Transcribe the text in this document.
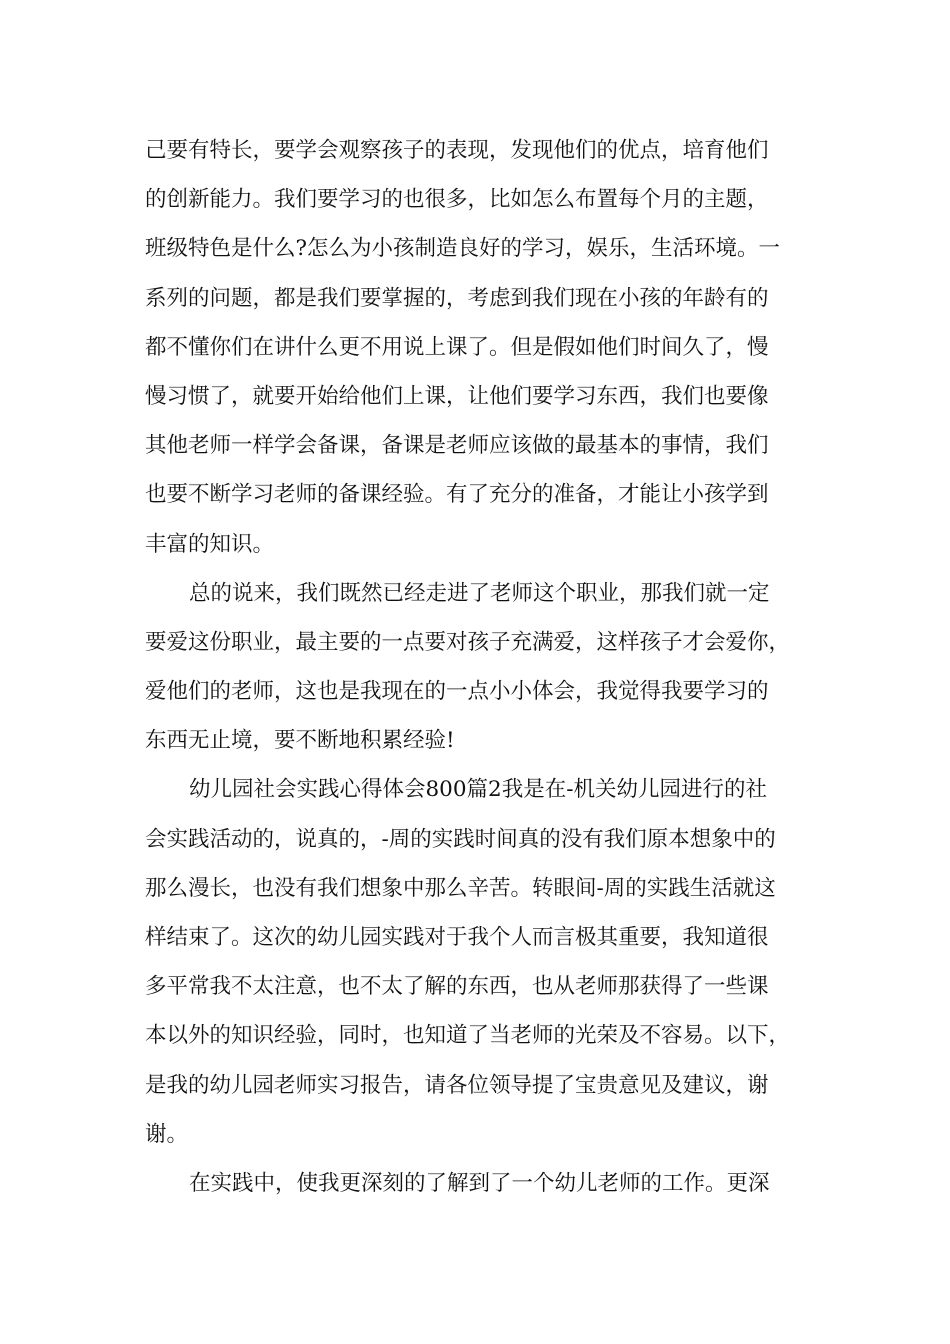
己要有特长，要学会观察孩子的表现，发现他们的优点，培育他们
的创新能力。我们要学习的也很多，比如怎么布置每个月的主题，
班级特色是什么?怎么为小孩制造良好的学习，娱乐，生活环境。一
系列的问题，都是我们要掌握的，考虑到我们现在小孩的年龄有的
都不懂你们在讲什么更不用说上课了。但是假如他们时间久了，慢
慢习惯了，就要开始给他们上课，让他们要学习东西，我们也要像
其他老师一样学会备课，备课是老师应该做的最基本的事情，我们
也要不断学习老师的备课经验。有了充分的准备，才能让小孩学到
丰富的知识。
总的说来，我们既然已经走进了老师这个职业，那我们就一定
要爱这份职业，最主要的一点要对孩子充满爱，这样孩子才会爱你，
爱他们的老师，这也是我现在的一点小小体会，我觉得我要学习的
东西无止境，要不断地积累经验!
幼儿园社会实践心得体会800篇2我是在-机关幼儿园进行的社
会实践活动的，说真的，-周的实践时间真的没有我们原本想象中的
那么漫长，也没有我们想象中那么辛苦。转眼间-周的实践生活就这
样结束了。这次的幼儿园实践对于我个人而言极其重要，我知道很
多平常我不太注意，也不太了解的东西，也从老师那获得了一些课
本以外的知识经验，同时，也知道了当老师的光荣及不容易。以下，
是我的幼儿园老师实习报告，请各位领导提了宝贵意见及建议，谢
谢。
在实践中，使我更深刻的了解到了一个幼儿老师的工作。更深
